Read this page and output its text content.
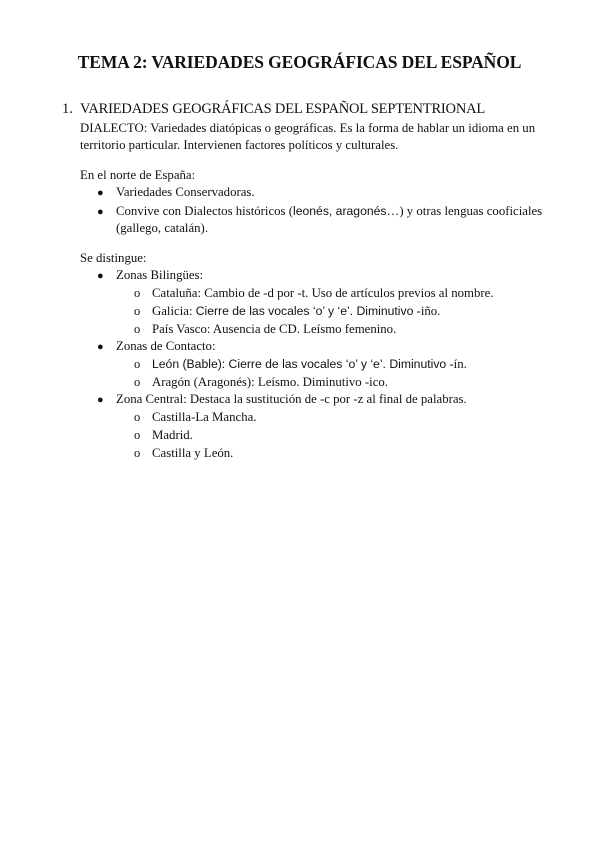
TEMA 2: VARIEDADES GEOGRÁFICAS DEL ESPAÑOL
1. VARIEDADES GEOGRÁFICAS DEL ESPAÑOL SEPTENTRIONAL
DIALECTO: Variedades diatópicas o geográficas. Es la forma de hablar un idioma en un
territorio particular. Intervienen factores políticos y culturales.
En el norte de España:
● Variedades Conservadoras.
● Convive con Dialectos históricos (leonés, aragonés…) y otras lenguas cooficiales
(gallego, catalán).
Se distingue:
● Zonas Bilingües:
o Cataluña: Cambio de -d por -t. Uso de artículos previos al nombre.
o Galicia: Cierre de las vocales ‘o’ y ‘e’. Diminutivo -iño.
o País Vasco: Ausencia de CD. Leísmo femenino.
● Zonas de Contacto:
o León (Bable): Cierre de las vocales ‘o’ y ‘e’. Diminutivo -ín.
o Aragón (Aragonés): Leísmo. Diminutivo -ico.
● Zona Central: Destaca la sustitución de -c por -z al final de palabras.
o Castilla-La Mancha.
o Madrid.
o Castilla y León.
